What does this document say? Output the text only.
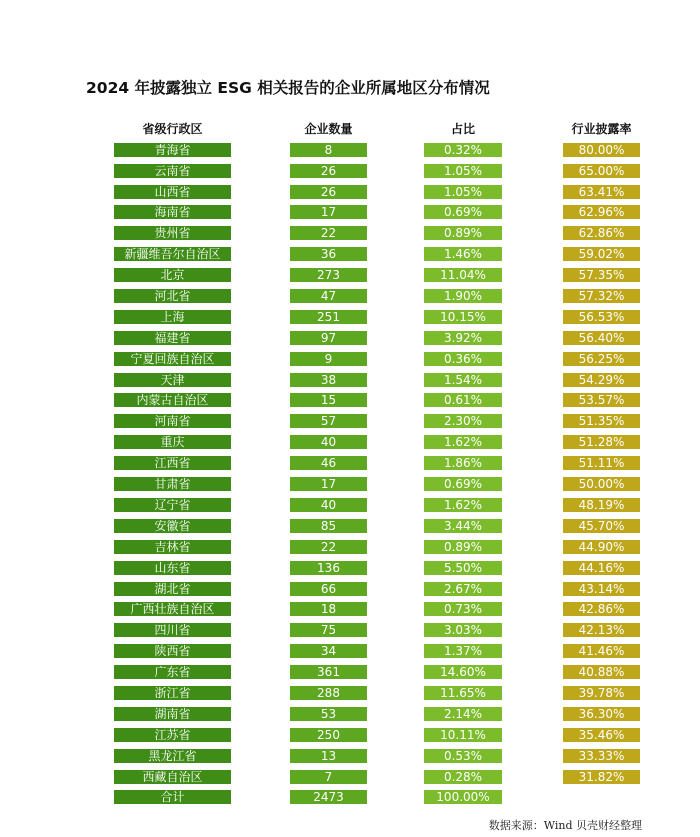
2024 年披露独立 ESG 相关报告的企业所属地区分布情况
省级行政区	企业数量	占比	行业披露率
青海省	8	0.32%	80.00%
云南省	26	1.05%	65.00%
山西省	26	1.05%	63.41%
海南省	17	0.69%	62.96%
贵州省	22	0.89%	62.86%
新疆维吾尔自治区	36	1.46%	59.02%
北京	273	11.04%	57.35%
河北省	47	1.90%	57.32%
上海	251	10.15%	56.53%
福建省	97	3.92%	56.40%
宁夏回族自治区	9	0.36%	56.25%
天津	38	1.54%	54.29%
内蒙古自治区	15	0.61%	53.57%
河南省	57	2.30%	51.35%
重庆	40	1.62%	51.28%
江西省	46	1.86%	51.11%
甘肃省	17	0.69%	50.00%
辽宁省	40	1.62%	48.19%
安徽省	85	3.44%	45.70%
吉林省	22	0.89%	44.90%
山东省	136	5.50%	44.16%
湖北省	66	2.67%	43.14%
广西壮族自治区	18	0.73%	42.86%
四川省	75	3.03%	42.13%
陕西省	34	1.37%	41.46%
广东省	361	14.60%	40.88%
浙江省	288	11.65%	39.78%
湖南省	53	2.14%	36.30%
江苏省	250	10.11%	35.46%
黑龙江省	13	0.53%	33.33%
西藏自治区	7	0.28%	31.82%
合计	2473	100.00%
数据来源：Wind 贝壳财经整理
